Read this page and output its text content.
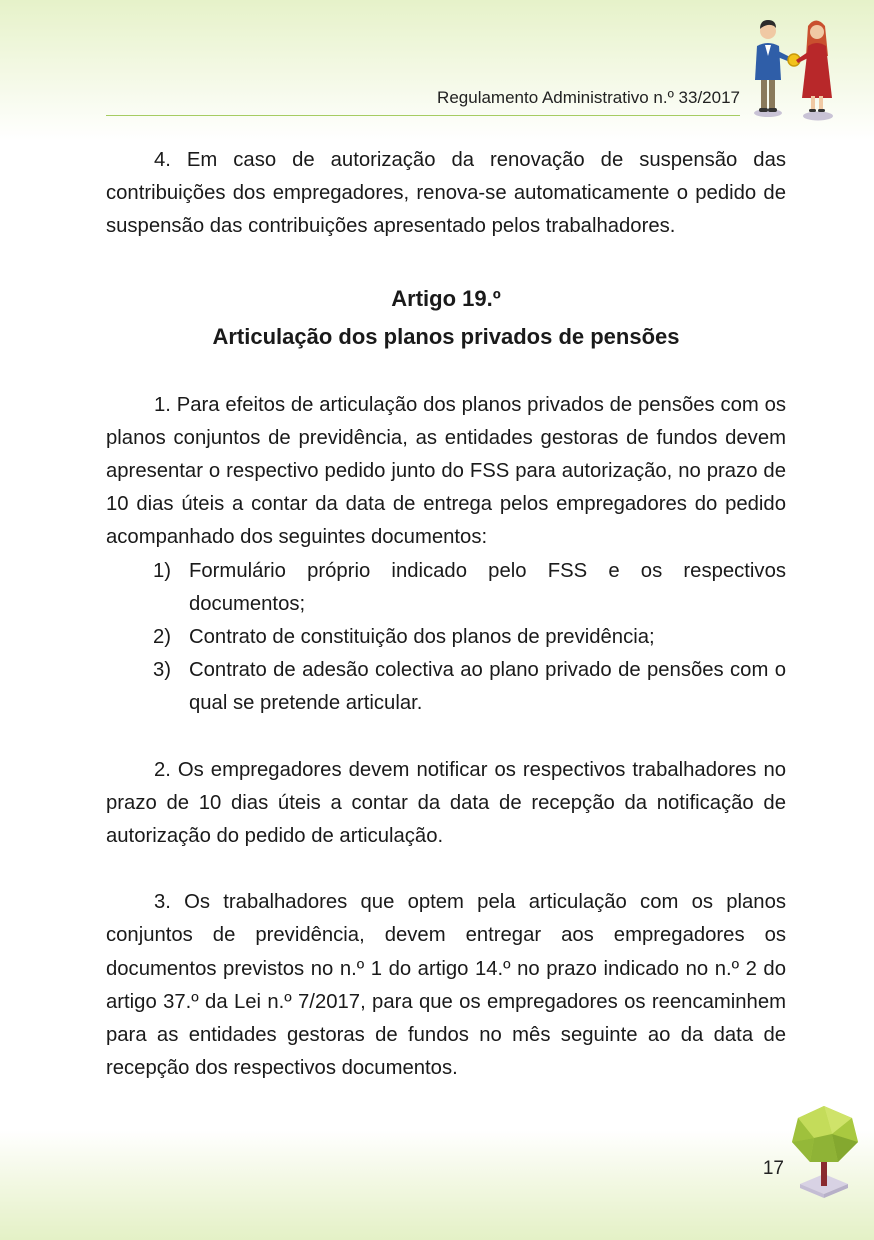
Regulamento Administrativo n.º 33/2017

4. Em caso de autorização da renovação de suspensão das contribuições dos empregadores, renova-se automaticamente o pedido de suspensão das contribuições apresentado pelos trabalhadores.

Artigo 19.º

Articulação dos planos privados de pensões

1. Para efeitos de articulação dos planos privados de pensões com os planos conjuntos de previdência, as entidades gestoras de fundos devem apresentar o respectivo pedido junto do FSS para autorização, no prazo de 10 dias úteis a contar da data de entrega pelos empregadores do pedido acompanhado dos seguintes documentos:

1) Formulário próprio indicado pelo FSS e os respectivos documentos;
2) Contrato de constituição dos planos de previdência;
3) Contrato de adesão colectiva ao plano privado de pensões com o qual se pretende articular.

2. Os empregadores devem notificar os respectivos trabalhadores no prazo de 10 dias úteis a contar da data de recepção da notificação de autorização do pedido de articulação.

3. Os trabalhadores que optem pela articulação com os planos conjuntos de previdência, devem entregar aos empregadores os documentos previstos no n.º 1 do artigo 14.º no prazo indicado no n.º 2 do artigo 37.º da Lei n.º 7/2017, para que os empregadores os reencaminhem para as entidades gestoras de fundos no mês seguinte ao da data de recepção dos respectivos documentos.

17
